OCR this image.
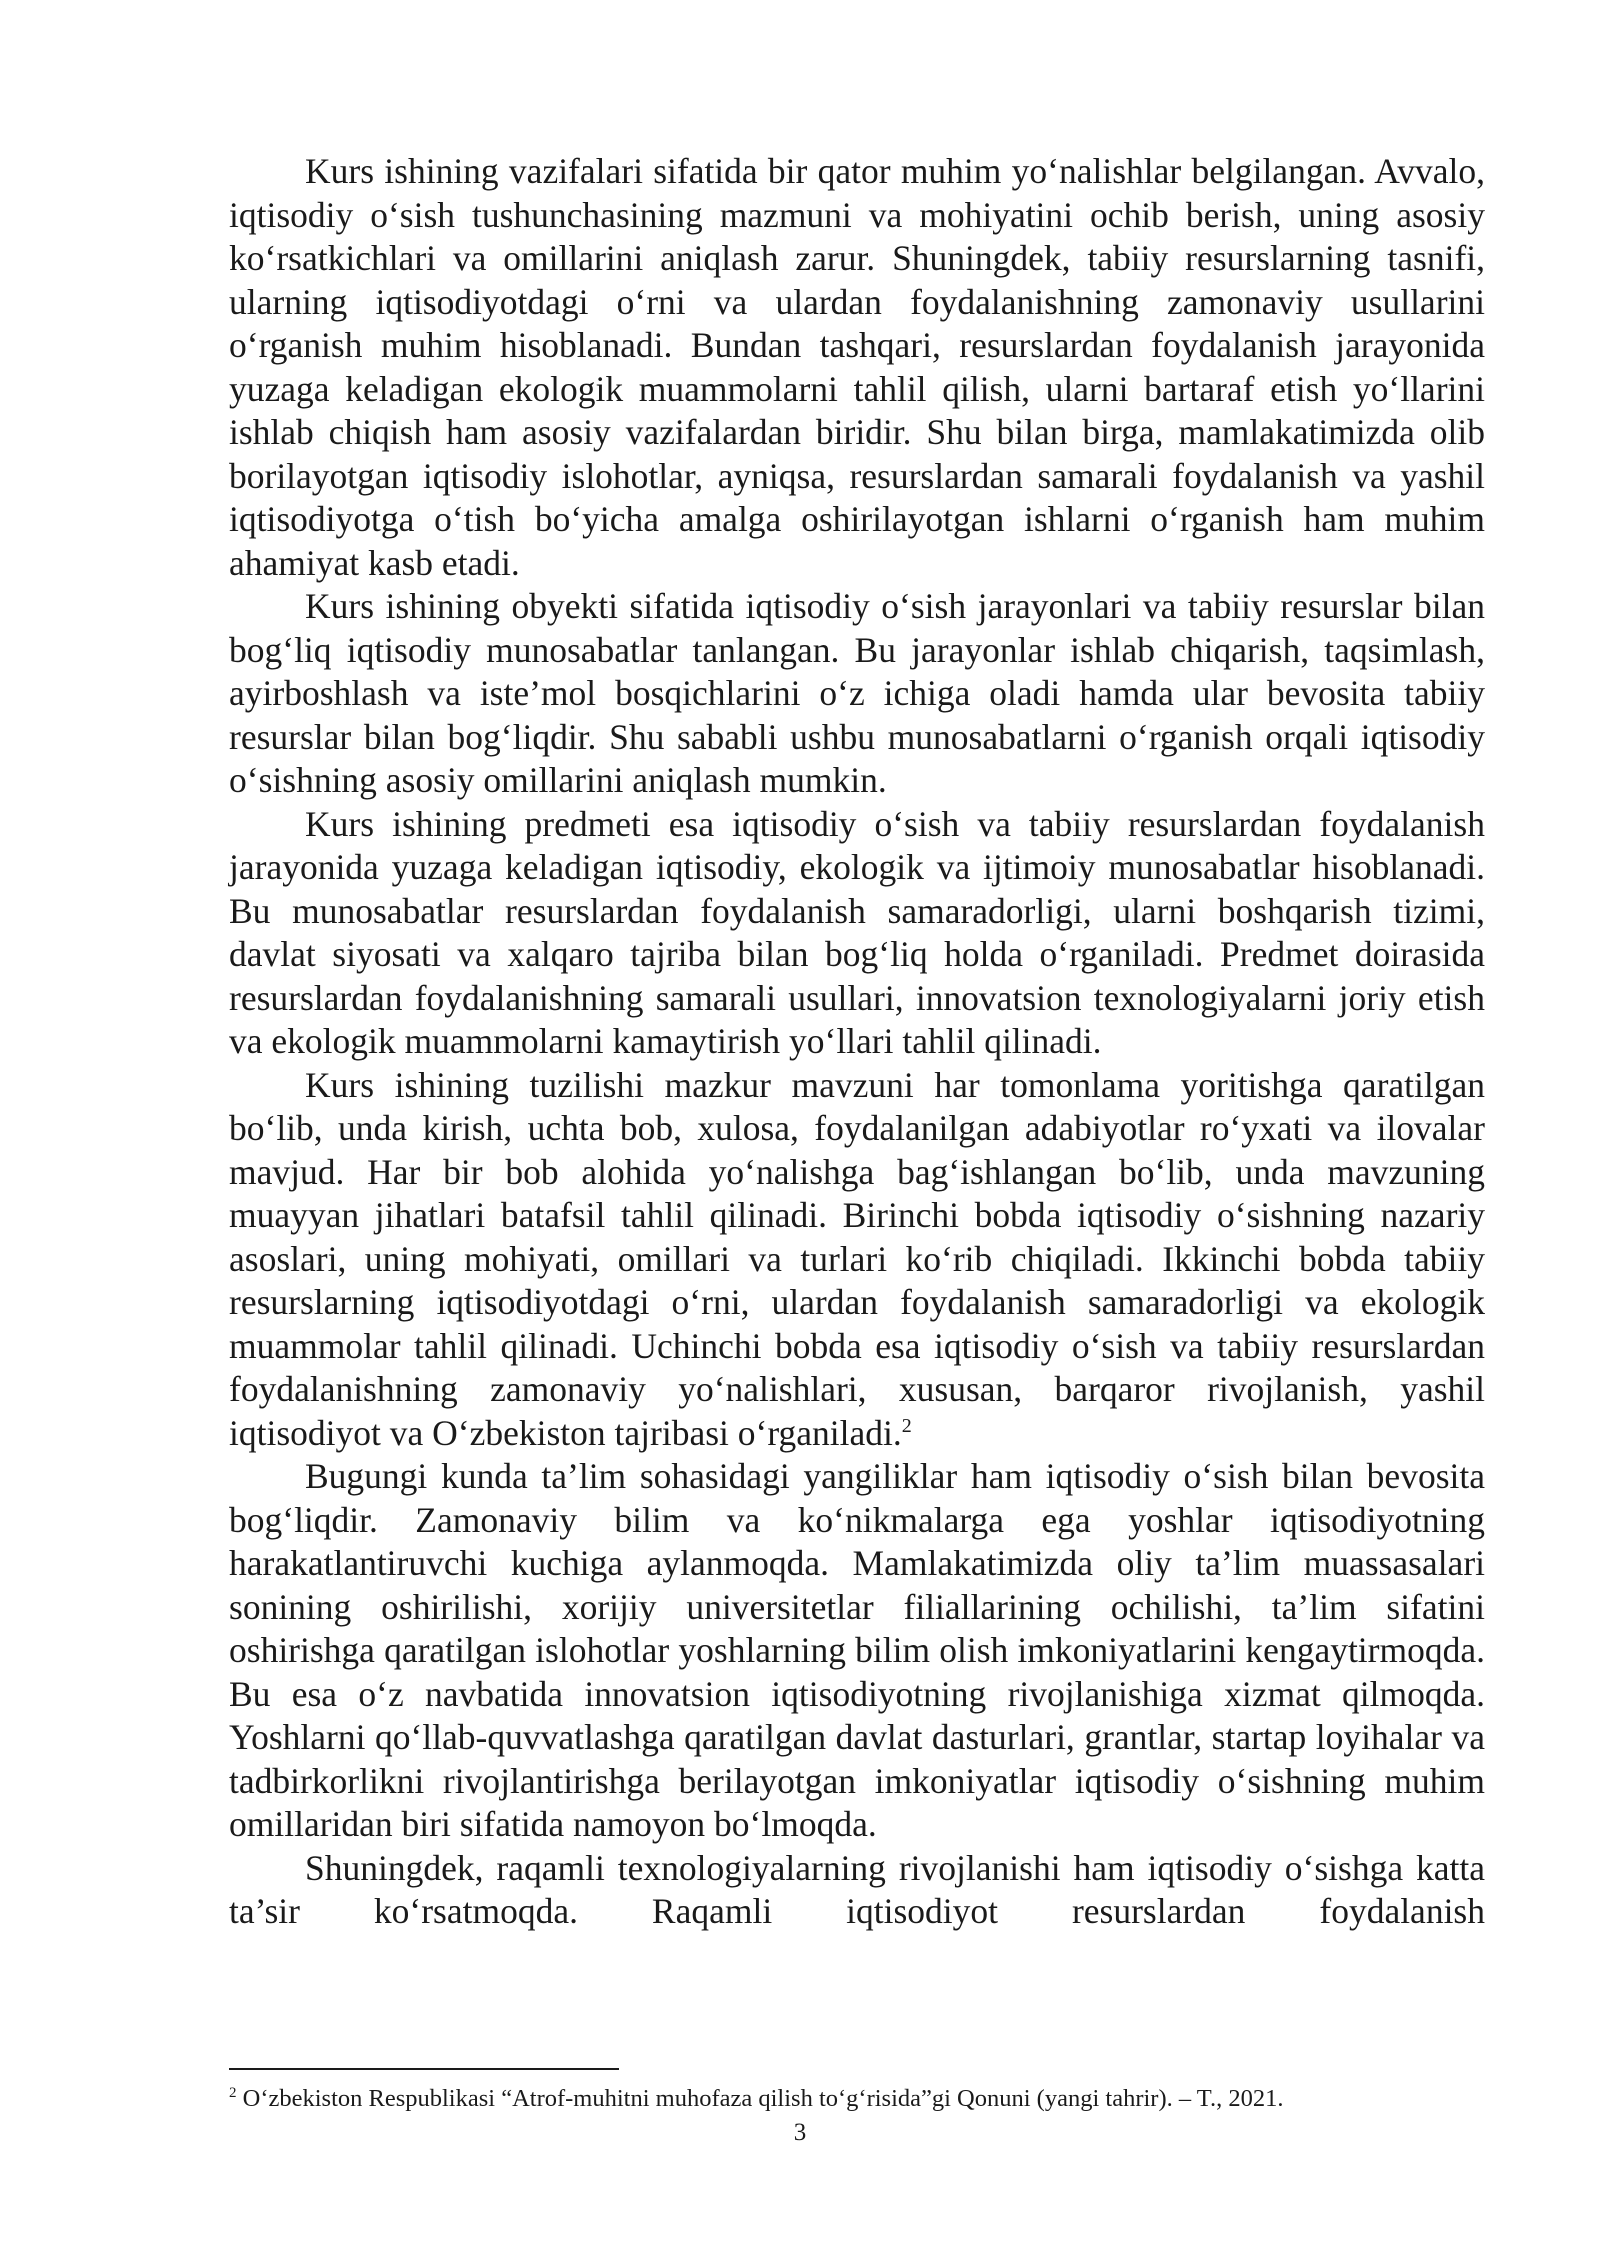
Kurs ishining vazifalari sifatida bir qator muhim yo‘nalishlar belgilangan. Avvalo, iqtisodiy o‘sish tushunchasining mazmuni va mohiyatini ochib berish, uning asosiy ko‘rsatkichlari va omillarini aniqlash zarur. Shuningdek, tabiiy resurslarning tasnifi, ularning iqtisodiyotdagi o‘rni va ulardan foydalanishning zamonaviy usullarini o‘rganish muhim hisoblanadi. Bundan tashqari, resurslardan foydalanish jarayonida yuzaga keladigan ekologik muammolarni tahlil qilish, ularni bartaraf etish yo‘llarini ishlab chiqish ham asosiy vazifalardan biridir. Shu bilan birga, mamlakatimizda olib borilayotgan iqtisodiy islohotlar, ayniqsa, resurslardan samarali foydalanish va yashil iqtisodiyotga o‘tish bo‘yicha amalga oshirilayotgan ishlarni o‘rganish ham muhim ahamiyat kasb etadi.

Kurs ishining obyekti sifatida iqtisodiy o‘sish jarayonlari va tabiiy resurslar bilan bog‘liq iqtisodiy munosabatlar tanlangan. Bu jarayonlar ishlab chiqarish, taqsimlash, ayirboshlash va iste’mol bosqichlarini o‘z ichiga oladi hamda ular bevosita tabiiy resurslar bilan bog‘liqdir. Shu sababli ushbu munosabatlarni o‘rganish orqali iqtisodiy o‘sishning asosiy omillarini aniqlash mumkin.

Kurs ishining predmeti esa iqtisodiy o‘sish va tabiiy resurslardan foydalanish jarayonida yuzaga keladigan iqtisodiy, ekologik va ijtimoiy munosabatlar hisoblanadi. Bu munosabatlar resurslardan foydalanish samaradorligi, ularni boshqarish tizimi, davlat siyosati va xalqaro tajriba bilan bog‘liq holda o‘rganiladi. Predmet doirasida resurslardan foydalanishning samarali usullari, innovatsion texnologiyalarni joriy etish va ekologik muammolarni kamaytirish yo‘llari tahlil qilinadi.

Kurs ishining tuzilishi mazkur mavzuni har tomonlama yoritishga qaratilgan bo‘lib, unda kirish, uchta bob, xulosa, foydalanilgan adabiyotlar ro‘yxati va ilovalar mavjud. Har bir bob alohida yo‘nalishga bag‘ishlangan bo‘lib, unda mavzuning muayyan jihatlari batafsil tahlil qilinadi. Birinchi bobda iqtisodiy o‘sishning nazariy asoslari, uning mohiyati, omillari va turlari ko‘rib chiqiladi. Ikkinchi bobda tabiiy resurslarning iqtisodiyotdagi o‘rni, ulardan foydalanish samaradorligi va ekologik muammolar tahlil qilinadi. Uchinchi bobda esa iqtisodiy o‘sish va tabiiy resurslardan foydalanishning zamonaviy yo‘nalishlari, xususan, barqaror rivojlanish, yashil iqtisodiyot va O‘zbekiston tajribasi o‘rganiladi.$^2$

Bugungi kunda ta’lim sohasidagi yangiliklar ham iqtisodiy o‘sish bilan bevosita bog‘liqdir. Zamonaviy bilim va ko‘nikmalarga ega yoshlar iqtisodiyotning harakatlantiruvchi kuchiga aylanmoqda. Mamlakatimizda oliy ta’lim muassasalari sonining oshirilishi, xorijiy universitetlar filiallarining ochilishi, ta’lim sifatini oshirishga qaratilgan islohotlar yoshlarning bilim olish imkoniyatlarini kengaytirmoqda. Bu esa o‘z navbatida innovatsion iqtisodiyotning rivojlanishiga xizmat qilmoqda. Yoshlarni qo‘llab-quvvatlashga qaratilgan davlat dasturlari, grantlar, startap loyihalar va tadbirkorlikni rivojlantirishga berilayotgan imkoniyatlar iqtisodiy o‘sishning muhim omillaridan biri sifatida namoyon bo‘lmoqda.

Shuningdek, raqamli texnologiyalarning rivojlanishi ham iqtisodiy o‘sishga katta ta’sir ko‘rsatmoqda. Raqamli iqtisodiyot resurslardan foydalanish

$^2$ O‘zbekiston Respublikasi “Atrof-muhitni muhofaza qilish to‘g‘risida”gi Qonuni (yangi tahrir). – T., 2021.
3
